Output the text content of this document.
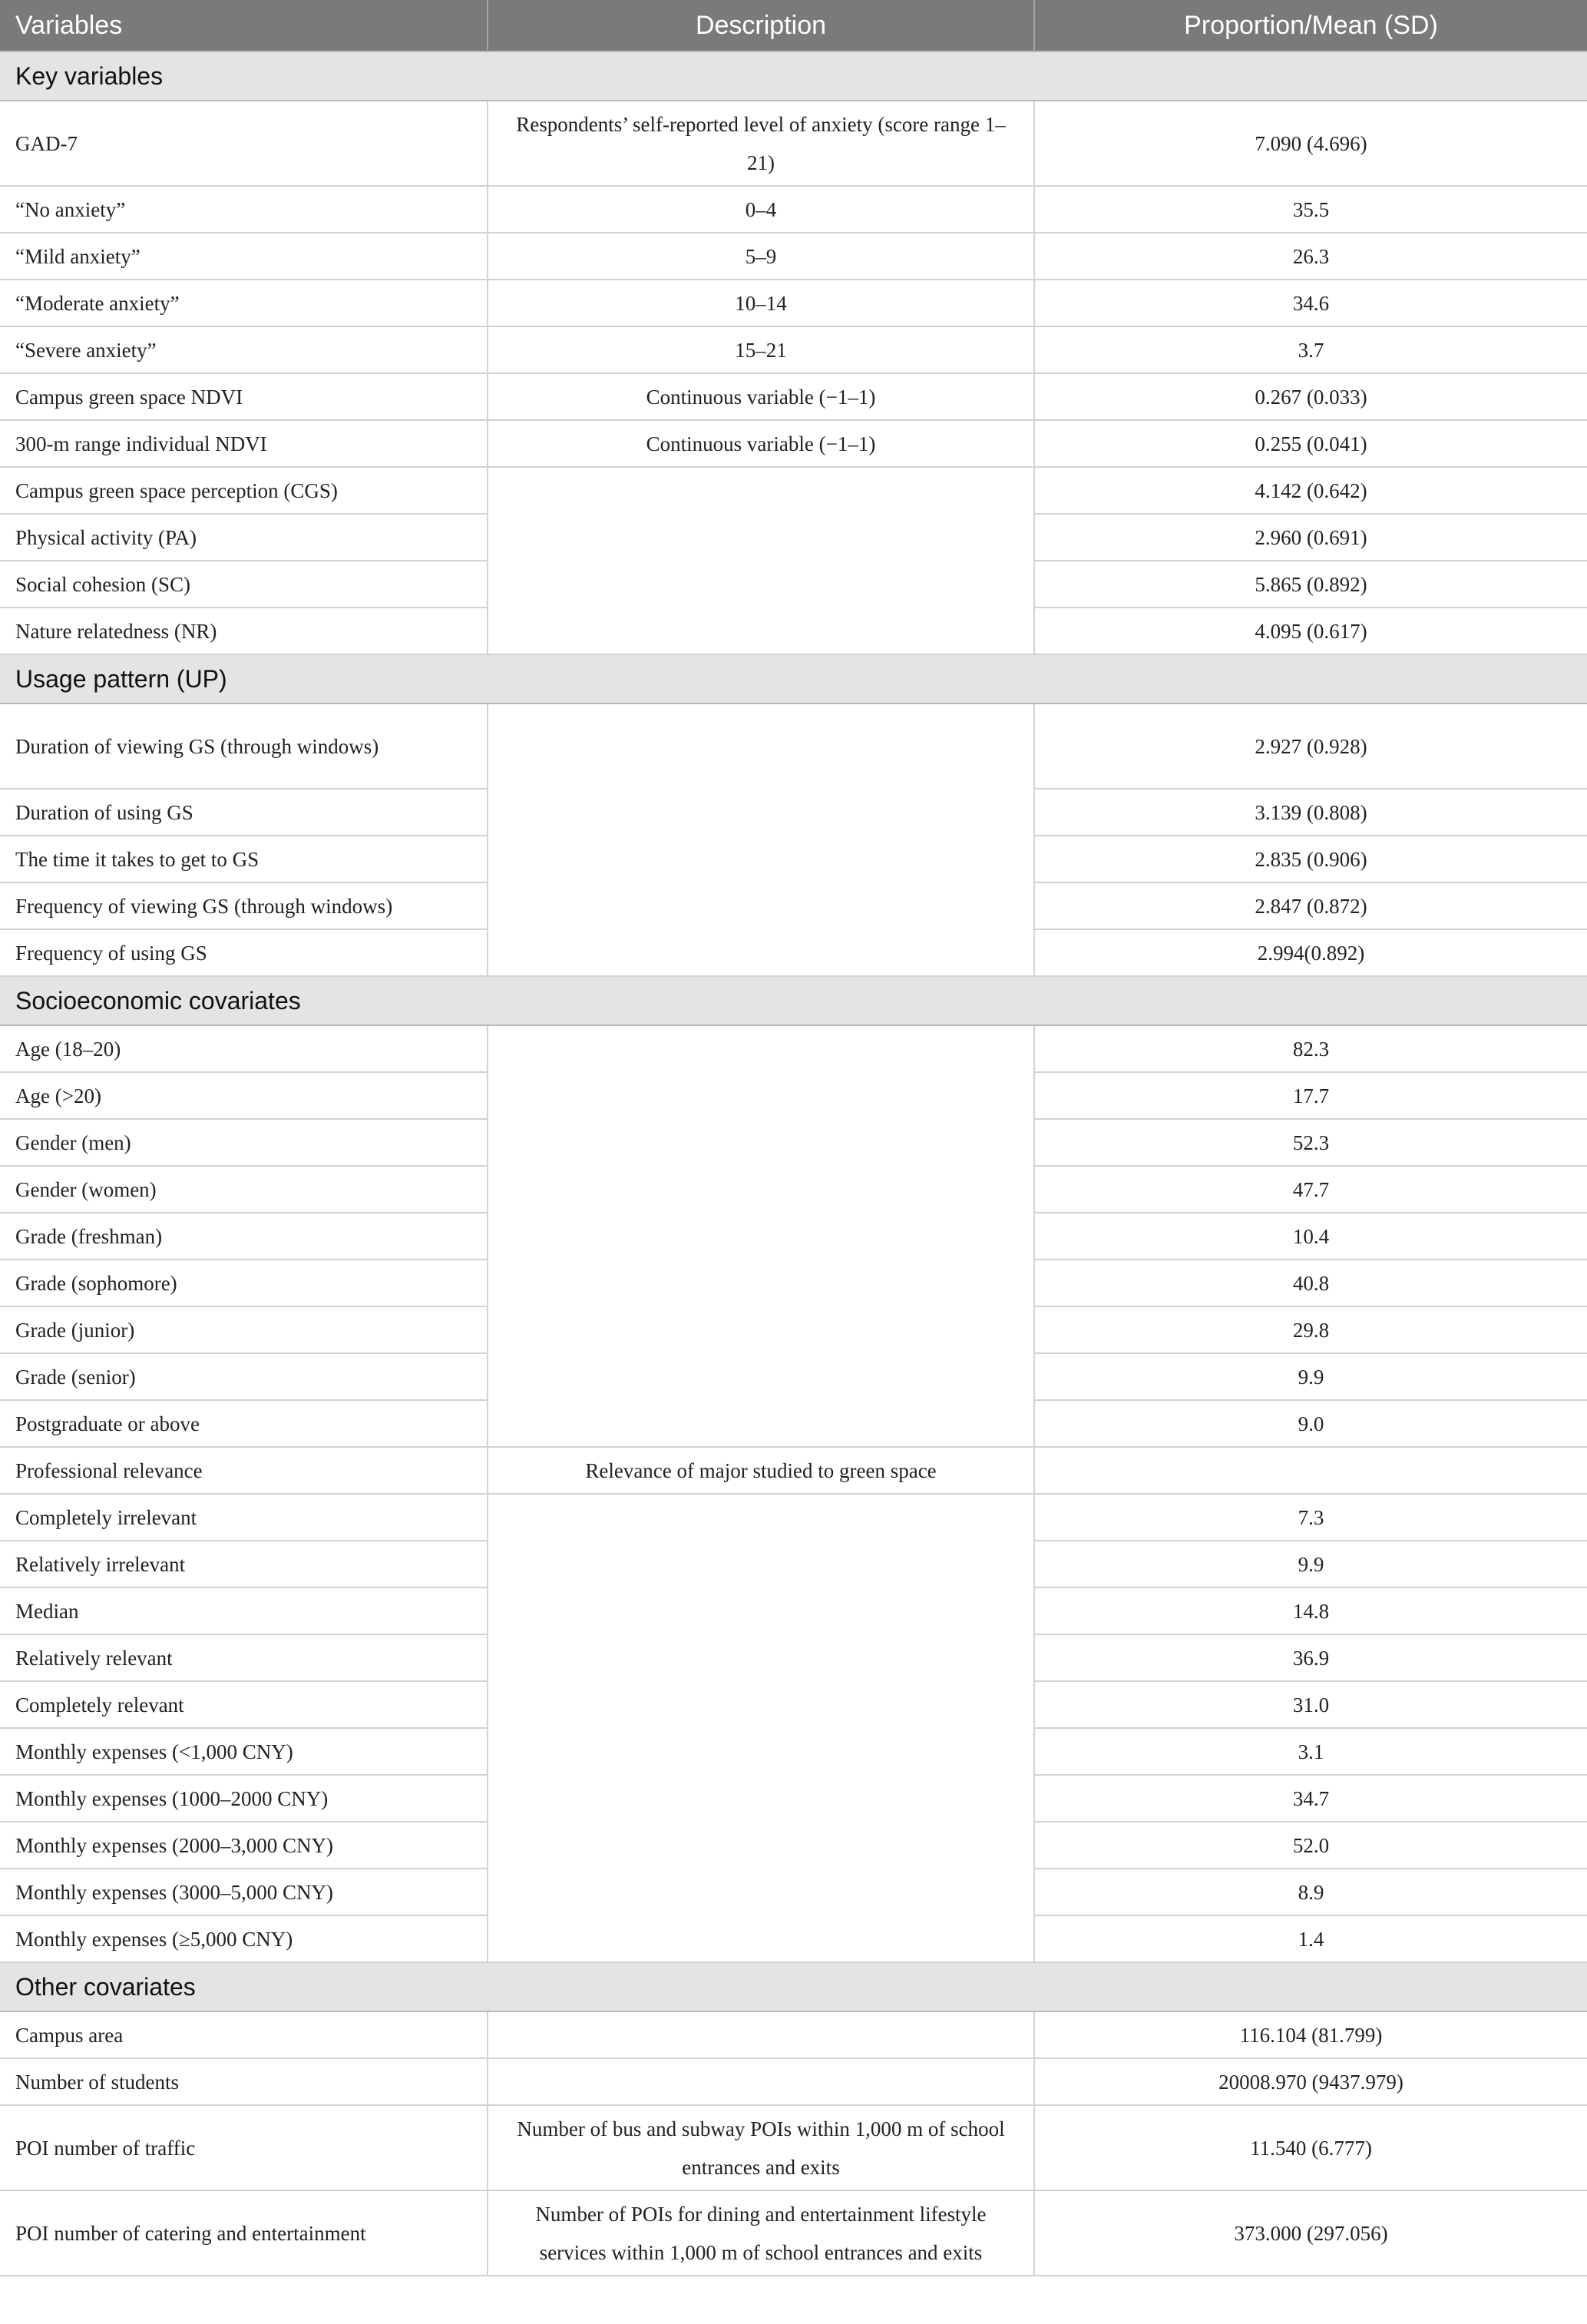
Variables	Description	Proportion/Mean (SD)
Key variables		
GAD-7	Respondents’ self-reported level of anxiety (score range 1–21)	7.090 (4.696)
“No anxiety”	0–4	35.5
“Mild anxiety”	5–9	26.3
“Moderate anxiety”	10–14	34.6
“Severe anxiety”	15–21	3.7
Campus green space NDVI	Continuous variable (−1–1)	0.267 (0.033)
300-m range individual NDVI	Continuous variable (−1–1)	0.255 (0.041)
Campus green space perception (CGS)		4.142 (0.642)
Physical activity (PA)		2.960 (0.691)
Social cohesion (SC)		5.865 (0.892)
Nature relatedness (NR)		4.095 (0.617)
Usage pattern (UP)		
Duration of viewing GS (through windows)		2.927 (0.928)
Duration of using GS		3.139 (0.808)
The time it takes to get to GS		2.835 (0.906)
Frequency of viewing GS (through windows)		2.847 (0.872)
Frequency of using GS		2.994(0.892)
Socioeconomic covariates		
Age (18–20)		82.3
Age (>20)		17.7
Gender (men)		52.3
Gender (women)		47.7
Grade (freshman)		10.4
Grade (sophomore)		40.8
Grade (junior)		29.8
Grade (senior)		9.9
Postgraduate or above		9.0
Professional relevance	Relevance of major studied to green space	
Completely irrelevant		7.3
Relatively irrelevant		9.9
Median		14.8
Relatively relevant		36.9
Completely relevant		31.0
Monthly expenses (<1,000 CNY)		3.1
Monthly expenses (1000–2000 CNY)		34.7
Monthly expenses (2000–3,000 CNY)		52.0
Monthly expenses (3000–5,000 CNY)		8.9
Monthly expenses (≥5,000 CNY)		1.4
Other covariates		
Campus area		116.104 (81.799)
Number of students		20008.970 (9437.979)
POI number of traffic	Number of bus and subway POIs within 1,000 m of school entrances and exits	11.540 (6.777)
POI number of catering and entertainment	Number of POIs for dining and entertainment lifestyle services within 1,000 m of school entrances and exits	373.000 (297.056)
